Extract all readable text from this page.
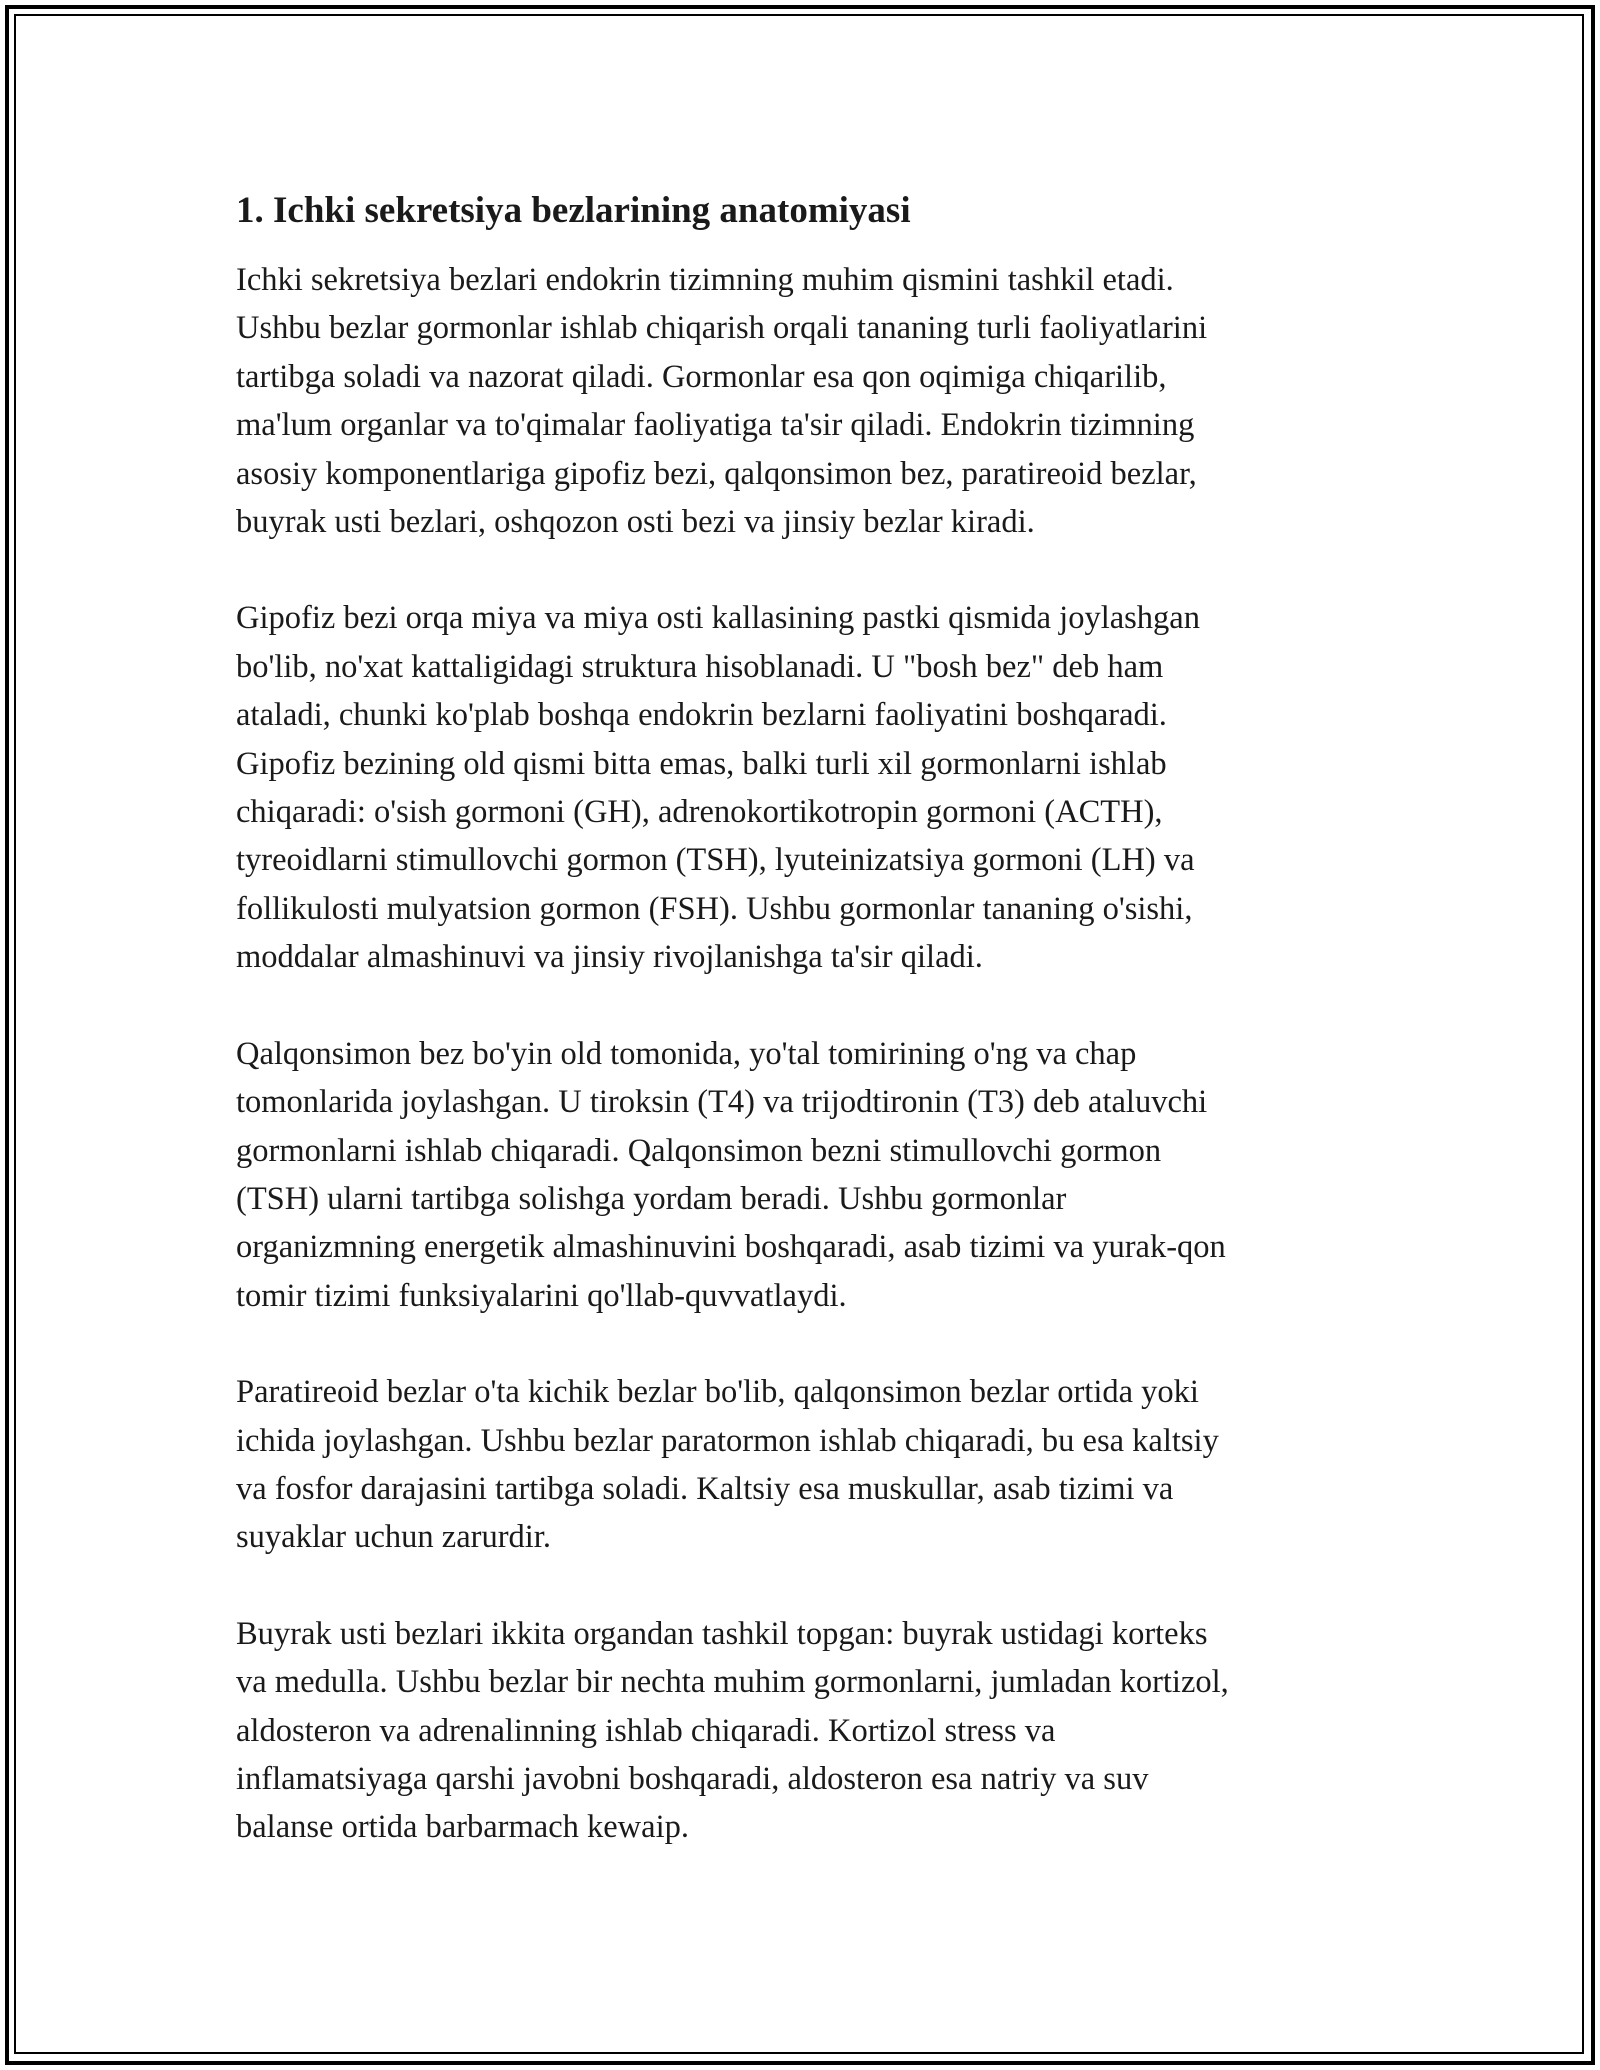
1. Ichki sekretsiya bezlarining anatomiyasi

Ichki sekretsiya bezlari endokrin tizimning muhim qismini tashkil etadi.
Ushbu bezlar gormonlar ishlab chiqarish orqali tananing turli faoliyatlarini
tartibga soladi va nazorat qiladi. Gormonlar esa qon oqimiga chiqarilib,
ma'lum organlar va to'qimalar faoliyatiga ta'sir qiladi. Endokrin tizimning
asosiy komponentlariga gipofiz bezi, qalqonsimon bez, paratireoid bezlar,
buyrak usti bezlari, oshqozon osti bezi va jinsiy bezlar kiradi.

Gipofiz bezi orqa miya va miya osti kallasining pastki qismida joylashgan
bo'lib, no'xat kattaligidagi struktura hisoblanadi. U "bosh bez" deb ham
ataladi, chunki ko'plab boshqa endokrin bezlarni faoliyatini boshqaradi.
Gipofiz bezining old qismi bitta emas, balki turli xil gormonlarni ishlab
chiqaradi: o'sish gormoni (GH), adrenokortikotropin gormoni (ACTH),
tyreoidlarni stimullovchi gormon (TSH), lyuteinizatsiya gormoni (LH) va
follikulosti mulyatsion gormon (FSH). Ushbu gormonlar tananing o'sishi,
moddalar almashinuvi va jinsiy rivojlanishga ta'sir qiladi.

Qalqonsimon bez bo'yin old tomonida, yo'tal tomirining o'ng va chap
tomonlarida joylashgan. U tiroksin (T4) va trijodtironin (T3) deb ataluvchi
gormonlarni ishlab chiqaradi. Qalqonsimon bezni stimullovchi gormon
(TSH) ularni tartibga solishga yordam beradi. Ushbu gormonlar
organizmning energetik almashinuvini boshqaradi, asab tizimi va yurak-qon
tomir tizimi funksiyalarini qo'llab-quvvatlaydi.

Paratireoid bezlar o'ta kichik bezlar bo'lib, qalqonsimon bezlar ortida yoki
ichida joylashgan. Ushbu bezlar paratormon ishlab chiqaradi, bu esa kaltsiy
va fosfor darajasini tartibga soladi. Kaltsiy esa muskullar, asab tizimi va
suyaklar uchun zarurdir.

Buyrak usti bezlari ikkita organdan tashkil topgan: buyrak ustidagi korteks
va medulla. Ushbu bezlar bir nechta muhim gormonlarni, jumladan kortizol,
aldosteron va adrenalinning ishlab chiqaradi. Kortizol stress va
inflamatsiyaga qarshi javobni boshqaradi, aldosteron esa natriy va suv
balanse ortida barbarmach kewaip.
